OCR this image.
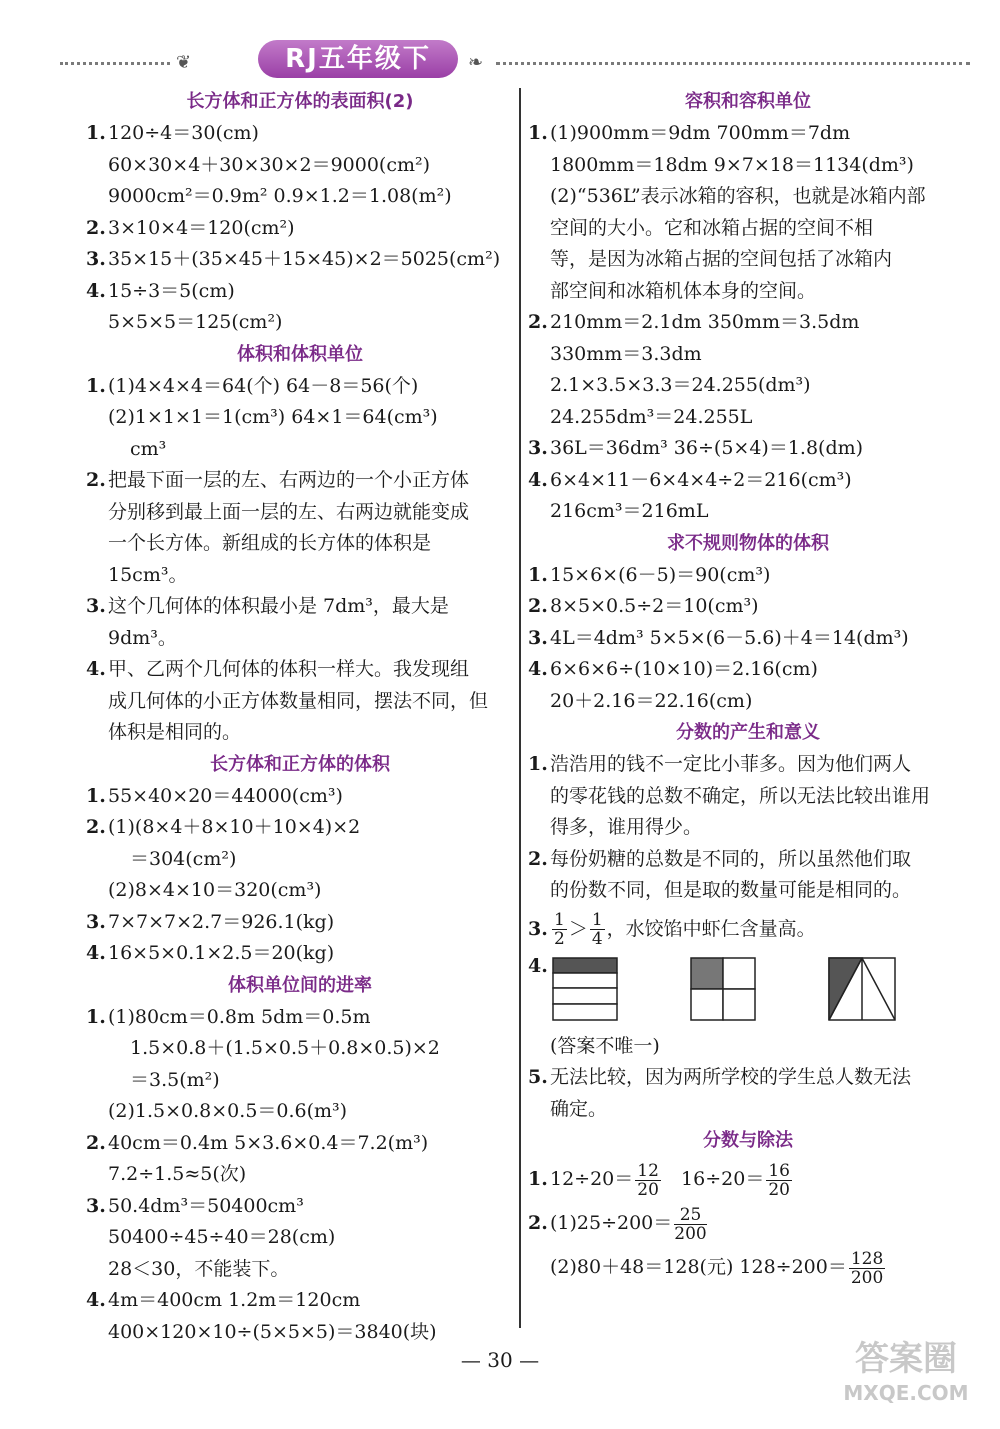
❦	RJ五年级下	❧
长方体和正方体的表面积(2)
1. 120÷4＝30(cm)
60×30×4＋30×30×2＝9000(cm²)
9000cm²＝0.9m² 0.9×1.2＝1.08(m²)
2. 3×10×4＝120(cm²)
3. 35×15＋(35×45＋15×45)×2＝5025(cm²)
4. 15÷3＝5(cm)
5×5×5＝125(cm²)
体积和体积单位
1. (1)4×4×4＝64(个) 64－8＝56(个)
(2)1×1×1＝1(cm³) 64×1＝64(cm³)
cm³
2. 把最下面一层的左、右两边的一个小正方体
分别移到最上面一层的左、右两边就能变成
一个长方体。新组成的长方体的体积是
15cm³。
3. 这个几何体的体积最小是 7dm³，最大是
9dm³。
4. 甲、乙两个几何体的体积一样大。我发现组
成几何体的小正方体数量相同，摆法不同，但
体积是相同的。
长方体和正方体的体积
1. 55×40×20＝44000(cm³)
2. (1)(8×4＋8×10＋10×4)×2
＝304(cm²)
(2)8×4×10＝320(cm³)
3. 7×7×7×2.7＝926.1(kg)
4. 16×5×0.1×2.5＝20(kg)
体积单位间的进率
1. (1)80cm＝0.8m 5dm＝0.5m
1.5×0.8＋(1.5×0.5＋0.8×0.5)×2
＝3.5(m²)
(2)1.5×0.8×0.5＝0.6(m³)
2. 40cm＝0.4m 5×3.6×0.4＝7.2(m³)
7.2÷1.5≈5(次)
3. 50.4dm³＝50400cm³
50400÷45÷40＝28(cm)
28＜30，不能装下。
4. 4m＝400cm 1.2m＝120cm
400×120×10÷(5×5×5)＝3840(块)
容积和容积单位
1. (1)900mm＝9dm 700mm＝7dm
1800mm＝18dm 9×7×18＝1134(dm³)
(2)“536L”表示冰箱的容积，也就是冰箱内部
空间的大小。它和冰箱占据的空间不相
等，是因为冰箱占据的空间包括了冰箱内
部空间和冰箱机体本身的空间。
2. 210mm＝2.1dm 350mm＝3.5dm
330mm＝3.3dm
2.1×3.5×3.3＝24.255(dm³)
24.255dm³＝24.255L
3. 36L＝36dm³ 36÷(5×4)＝1.8(dm)
4. 6×4×11－6×4×4÷2＝216(cm³)
216cm³＝216mL
求不规则物体的体积
1. 15×6×(6－5)＝90(cm³)
2. 8×5×0.5÷2＝10(cm³)
3. 4L＝4dm³ 5×5×(6－5.6)＋4＝14(dm³)
4. 6×6×6÷(10×10)＝2.16(cm)
20＋2.16＝22.16(cm)
分数的产生和意义
1. 浩浩用的钱不一定比小菲多。因为他们两人
的零花钱的总数不确定，所以无法比较出谁用
得多，谁用得少。
2. 每份奶糖的总数是不同的，所以虽然他们取
的份数不同，但是取的数量可能是相同的。
3. $\frac{1}{2} > \frac{1}{4}$ ，水饺馅中虾仁含量高。
4.
(答案不唯一)
5. 无法比较，因为两所学校的学生总人数无法
确定。
分数与除法
1. $12\div 20= \frac{12}{20} 16\div 20= \frac{16}{20}$
2. $(1)25\div 200= \frac{25}{200}$
(2)80＋48＝128(元) $128\div 200= \frac{128}{200}$
— 30 —	答案圈
MXQE.COM
